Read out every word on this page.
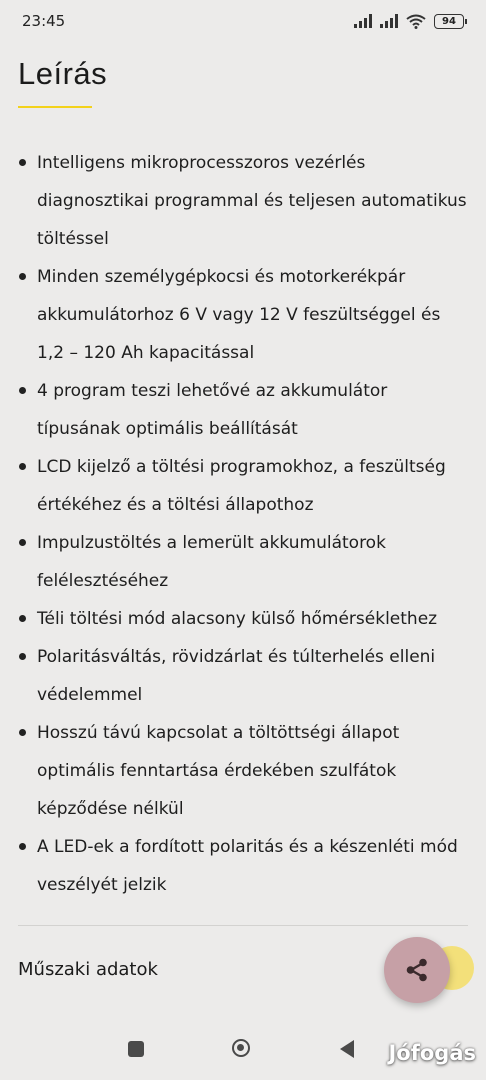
23:45	94
Leírás
Intelligens mikroprocesszoros vezérlés diagnosztikai programmal és teljesen automatikus töltéssel
Minden személygépkocsi és motorkerékpár akkumulátorhoz 6 V vagy 12 V feszültséggel és 1,2 – 120 Ah kapacitással
4 program teszi lehetővé az akkumulátor típusának optimális beállítását
LCD kijelző a töltési programokhoz, a feszültség értékéhez és a töltési állapothoz
Impulzustöltés a lemerült akkumulátorok felélesztéséhez
Téli töltési mód alacsony külső hőmérséklethez
Polaritásváltás, rövidzárlat és túlterhelés elleni védelemmel
Hosszú távú kapcsolat a töltöttségi állapot optimális fenntartása érdekében szulfátok képződése nélkül
A LED-ek a fordított polaritás és a készenléti mód veszélyét jelzik
Műszaki adatok
Jófogás
